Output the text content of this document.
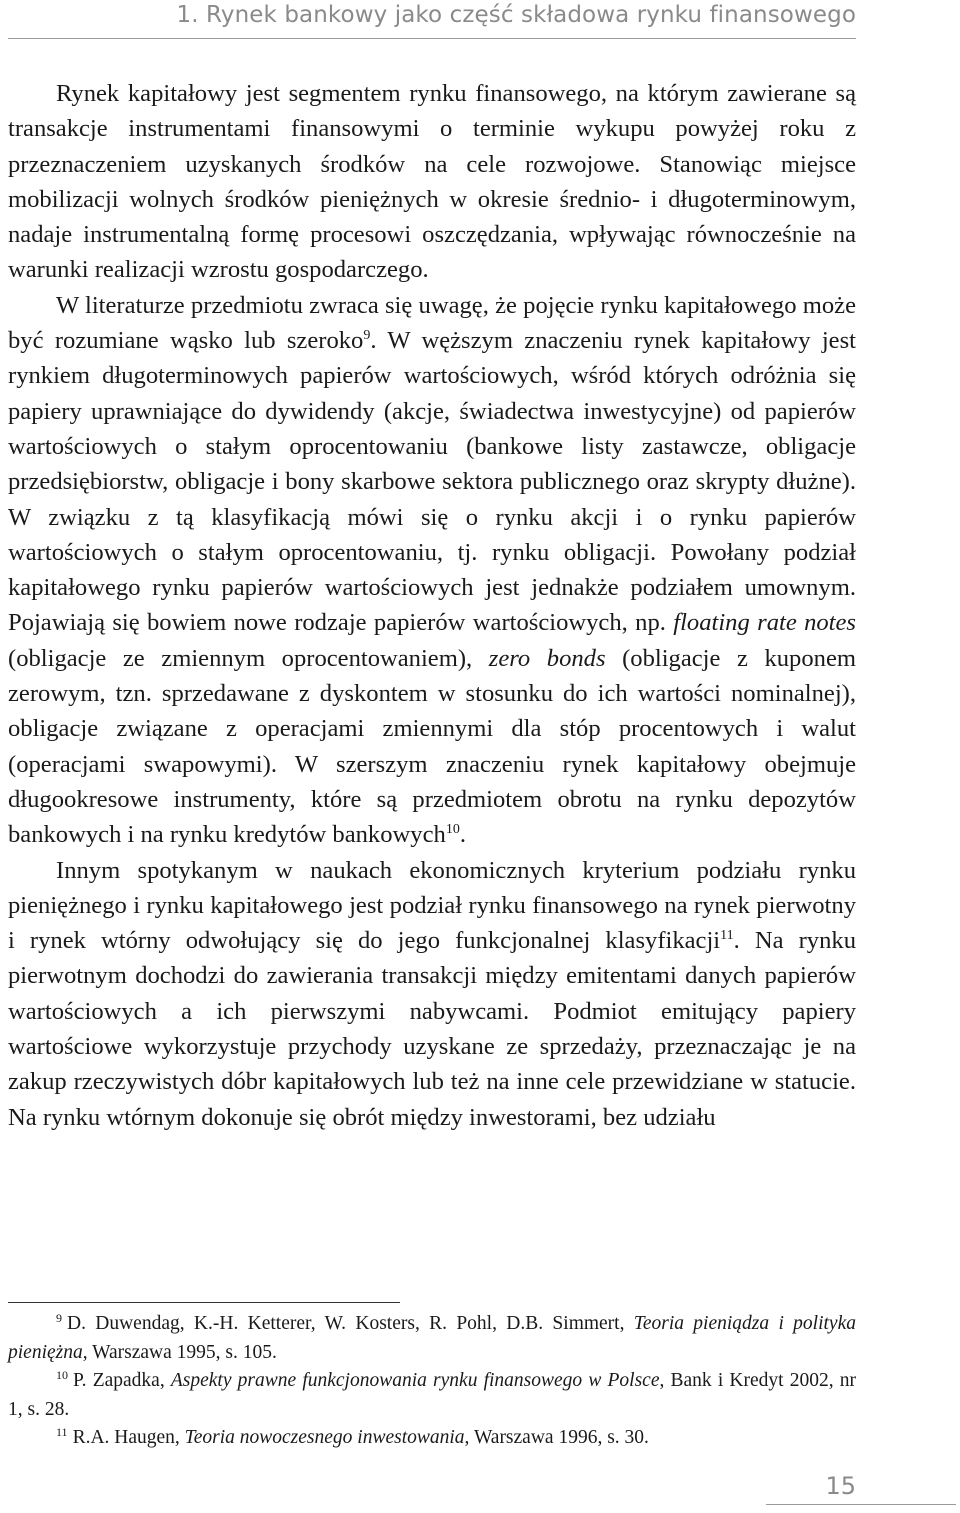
1. Rynek bankowy jako część składowa rynku finansowego

Rynek kapitałowy jest segmentem rynku finansowego, na którym zawierane są transakcje instrumentami finansowymi o terminie wykupu powyżej roku z przeznaczeniem uzyskanych środków na cele rozwojowe. Stanowiąc miejsce mobilizacji wolnych środków pieniężnych w okresie średnio- i długoterminowym, nadaje instrumentalną formę procesowi oszczędzania, wpływając równocześnie na warunki realizacji wzrostu gospodarczego.

W literaturze przedmiotu zwraca się uwagę, że pojęcie rynku kapitałowego może być rozumiane wąsko lub szeroko$^9$. W węższym znaczeniu rynek kapitałowy jest rynkiem długoterminowych papierów wartościowych, wśród których odróżnia się papiery uprawniające do dywidendy (akcje, świadectwa inwestycyjne) od papierów wartościowych o stałym oprocentowaniu (bankowe listy zastawcze, obligacje przedsiębiorstw, obligacje i bony skarbowe sektora publicznego oraz skrypty dłużne). W związku z tą klasyfikacją mówi się o rynku akcji i o rynku papierów wartościowych o stałym oprocentowaniu, tj. rynku obligacji. Powołany podział kapitałowego rynku papierów wartościowych jest jednakże podziałem umownym. Pojawiają się bowiem nowe rodzaje papierów wartościowych, np. floating rate notes (obligacje ze zmiennym oprocentowaniem), zero bonds (obligacje z kuponem zerowym, tzn. sprzedawane z dyskontem w stosunku do ich wartości nominalnej), obligacje związane z operacjami zmiennymi dla stóp procentowych i walut (operacjami swapowymi). W szerszym znaczeniu rynek kapitałowy obejmuje długookresowe instrumenty, które są przedmiotem obrotu na rynku depozytów bankowych i na rynku kredytów bankowych$^{10}$.

Innym spotykanym w naukach ekonomicznych kryterium podziału rynku pieniężnego i rynku kapitałowego jest podział rynku finansowego na rynek pierwotny i rynek wtórny odwołujący się do jego funkcjonalnej klasyfikacji$^{11}$. Na rynku pierwotnym dochodzi do zawierania transakcji między emitentami danych papierów wartościowych a ich pierwszymi nabywcami. Podmiot emitujący papiery wartościowe wykorzystuje przychody uzyskane ze sprzedaży, przeznaczając je na zakup rzeczywistych dóbr kapitałowych lub też na inne cele przewidziane w statucie. Na rynku wtórnym dokonuje się obrót między inwestorami, bez udziału

$^9$ D. Duwendag, K.-H. Ketterer, W. Kosters, R. Pohl, D.B. Simmert, Teoria pieniądza i polityka pieniężna, Warszawa 1995, s. 105.

$^{10}$ P. Zapadka, Aspekty prawne funkcjonowania rynku finansowego w Polsce, Bank i Kredyt 2002, nr 1, s. 28.

$^{11}$ R.A. Haugen, Teoria nowoczesnego inwestowania, Warszawa 1996, s. 30.

15
